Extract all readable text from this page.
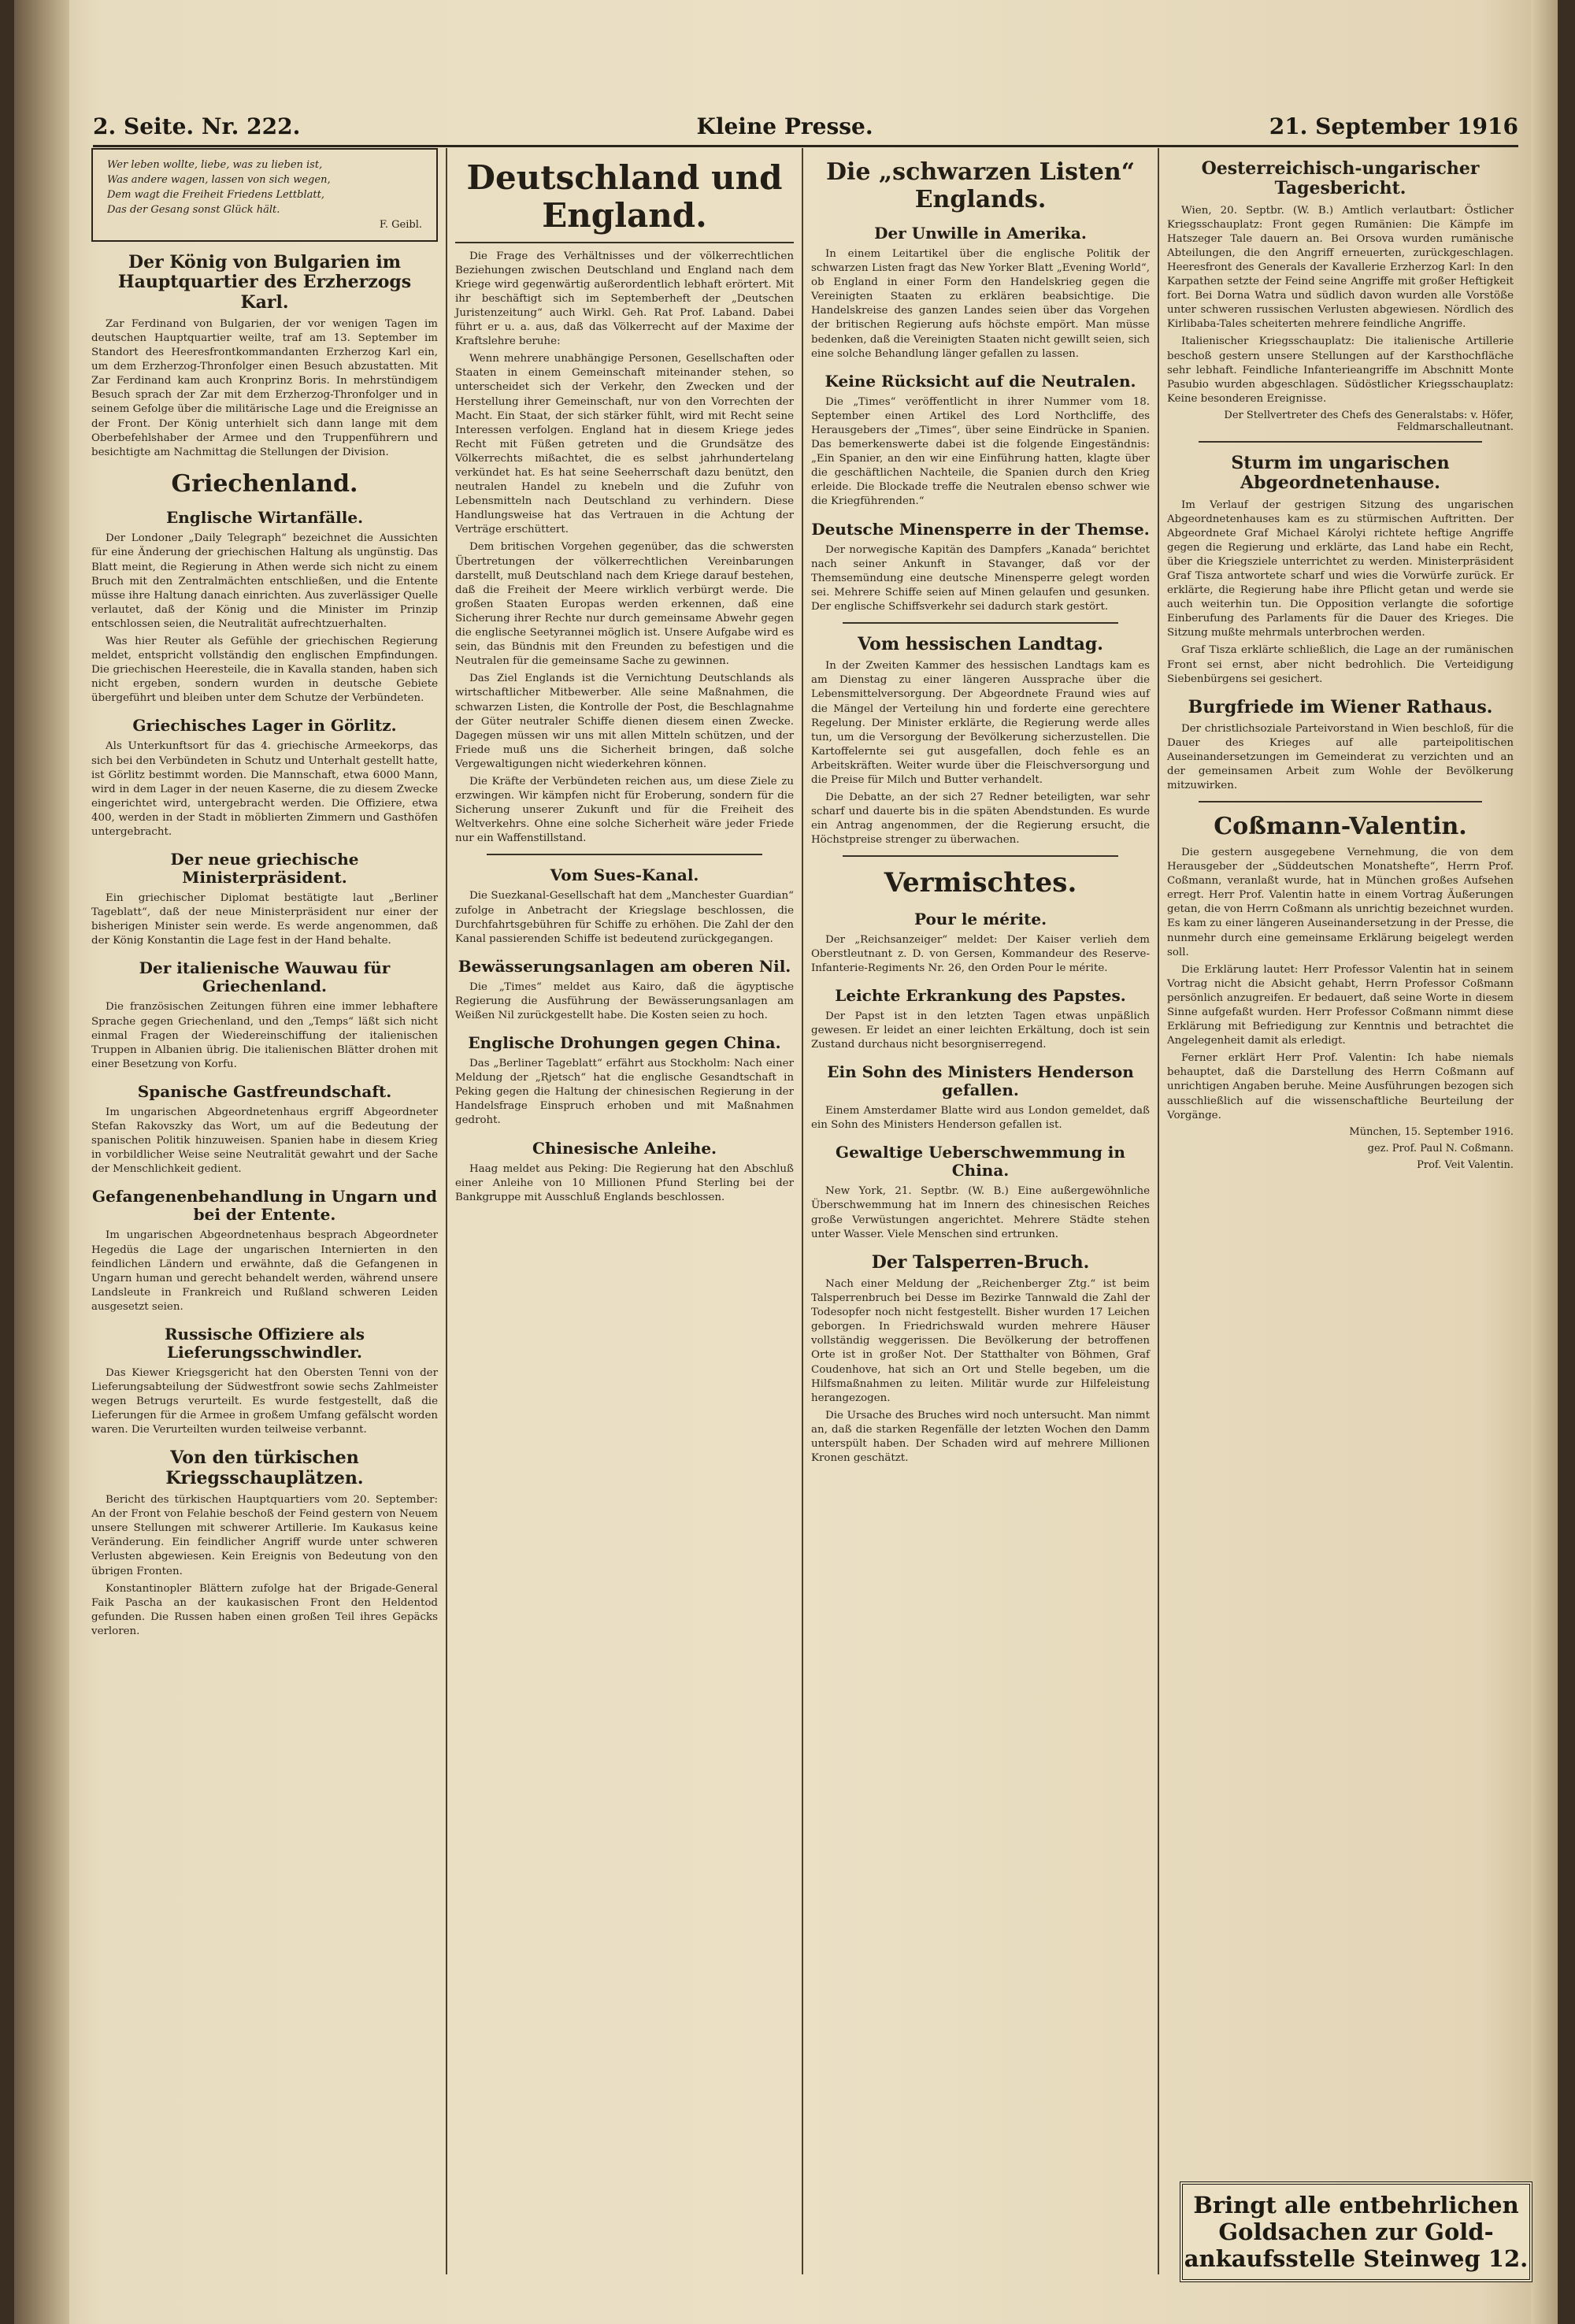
2. Seite. Nr. 222.	Kleine Presse.	21. September 1916
Wer leben wollte, liebe, was zu lieben ist,
Was andere wagen, lassen von sich wegen,
Dem wagt die Freiheit Friedens Lettblatt,
Das der Gesang sonst Glück hält.
F. Geibl.
Der König von Bulgarien im Hauptquartier des Erzherzogs Karl.

Zar Ferdinand von Bulgarien, der vor wenigen Tagen im deutschen Hauptquartier weilte, traf am 13. September im Standort des Heeresfrontkommandanten Erzherzog Karl ein, um dem Erzherzog-Thronfolger einen Besuch abzustatten. Mit Zar Ferdinand kam auch Kronprinz Boris. In mehrstündigem Besuch sprach der Zar mit dem Erzherzog-Thronfolger und in seinem Gefolge über die militärische Lage und die Ereignisse an der Front. Der König unterhielt sich dann lange mit dem Oberbefehlshaber der Armee und den Truppenführern und besichtigte am Nachmittag die Stellungen der Division.

Griechenland.
Englische Wirtanfälle.

Der Londoner „Daily Telegraph“ bezeichnet die Aussichten für eine Änderung der griechischen Haltung als ungünstig. Das Blatt meint, die Regierung in Athen werde sich nicht zu einem Bruch mit den Zentralmächten entschließen, und die Entente müsse ihre Haltung danach einrichten. Aus zuverlässiger Quelle verlautet, daß der König und die Minister im Prinzip entschlossen seien, die Neutralität aufrechtzuerhalten.

Was hier Reuter als Gefühle der griechischen Regierung meldet, entspricht vollständig den englischen Empfindungen. Die griechischen Heeresteile, die in Kavalla standen, haben sich nicht ergeben, sondern wurden in deutsche Gebiete übergeführt und bleiben unter dem Schutze der Verbündeten.

Griechisches Lager in Görlitz.

Als Unterkunftsort für das 4. griechische Armeekorps, das sich bei den Verbündeten in Schutz und Unterhalt gestellt hatte, ist Görlitz bestimmt worden. Die Mannschaft, etwa 6000 Mann, wird in dem Lager in der neuen Kaserne, die zu diesem Zwecke eingerichtet wird, untergebracht werden. Die Offiziere, etwa 400, werden in der Stadt in möblierten Zimmern und Gasthöfen untergebracht.

Der neue griechische Ministerpräsident.

Ein griechischer Diplomat bestätigte laut „Berliner Tageblatt“, daß der neue Ministerpräsident nur einer der bisherigen Minister sein werde. Es werde angenommen, daß der König Konstantin die Lage fest in der Hand behalte.

Der italienische Wauwau für Griechenland.

Die französischen Zeitungen führen eine immer lebhaftere Sprache gegen Griechenland, und den „Temps“ läßt sich nicht einmal Fragen der Wiedereinschiffung der italienischen Truppen in Albanien übrig. Die italienischen Blätter drohen mit einer Besetzung von Korfu.

Spanische Gastfreundschaft.

Im ungarischen Abgeordnetenhaus ergriff Abgeordneter Stefan Rakovszky das Wort, um auf die Bedeutung der spanischen Politik hinzuweisen. Spanien habe in diesem Krieg in vorbildlicher Weise seine Neutralität gewahrt und der Sache der Menschlichkeit gedient.

Gefangenenbehandlung in Ungarn und bei der Entente.

Im ungarischen Abgeordnetenhaus besprach Abgeordneter Hegedüs die Lage der ungarischen Internierten in den feindlichen Ländern und erwähnte, daß die Gefangenen in Ungarn human und gerecht behandelt werden, während unsere Landsleute in Frankreich und Rußland schweren Leiden ausgesetzt seien.

Russische Offiziere als Lieferungsschwindler.

Das Kiewer Kriegsgericht hat den Obersten Tenni von der Lieferungsabteilung der Südwestfront sowie sechs Zahlmeister wegen Betrugs verurteilt. Es wurde festgestellt, daß die Lieferungen für die Armee in großem Umfang gefälscht worden waren. Die Verurteilten wurden teilweise verbannt.

Von den türkischen Kriegsschauplätzen.

Bericht des türkischen Hauptquartiers vom 20. September: An der Front von Felahie beschoß der Feind gestern von Neuem unsere Stellungen mit schwerer Artillerie. Im Kaukasus keine Veränderung. Ein feindlicher Angriff wurde unter schweren Verlusten abgewiesen. Kein Ereignis von Bedeutung von den übrigen Fronten.

Konstantinopler Blättern zufolge hat der Brigade-General Faik Pascha an der kaukasischen Front den Heldentod gefunden. Die Russen haben einen großen Teil ihres Gepäcks verloren.

Deutschland und England.

Die Frage des Verhältnisses und der völkerrechtlichen Beziehungen zwischen Deutschland und England nach dem Kriege wird gegenwärtig außerordentlich lebhaft erörtert. Mit ihr beschäftigt sich im Septemberheft der „Deutschen Juristenzeitung“ auch Wirkl. Geh. Rat Prof. Laband. Dabei führt er u. a. aus, daß das Völkerrecht auf der Maxime der Kraftslehre beruhe:

Wenn mehrere unabhängige Personen, Gesellschaften oder Staaten in einem Gemeinschaft miteinander stehen, so unterscheidet sich der Verkehr, den Zwecken und der Herstellung ihrer Gemeinschaft, nur von den Vorrechten der Macht. Ein Staat, der sich stärker fühlt, wird mit Recht seine Interessen verfolgen. England hat in diesem Kriege jedes Recht mit Füßen getreten und die Grundsätze des Völkerrechts mißachtet, die es selbst jahrhundertelang verkündet hat. Es hat seine Seeherrschaft dazu benützt, den neutralen Handel zu knebeln und die Zufuhr von Lebensmitteln nach Deutschland zu verhindern. Diese Handlungsweise hat das Vertrauen in die Achtung der Verträge erschüttert.

Dem britischen Vorgehen gegenüber, das die schwersten Übertretungen der völkerrechtlichen Vereinbarungen darstellt, muß Deutschland nach dem Kriege darauf bestehen, daß die Freiheit der Meere wirklich verbürgt werde. Die großen Staaten Europas werden erkennen, daß eine Sicherung ihrer Rechte nur durch gemeinsame Abwehr gegen die englische Seetyrannei möglich ist. Unsere Aufgabe wird es sein, das Bündnis mit den Freunden zu befestigen und die Neutralen für die gemeinsame Sache zu gewinnen.

Das Ziel Englands ist die Vernichtung Deutschlands als wirtschaftlicher Mitbewerber. Alle seine Maßnahmen, die schwarzen Listen, die Kontrolle der Post, die Beschlagnahme der Güter neutraler Schiffe dienen diesem einen Zwecke. Dagegen müssen wir uns mit allen Mitteln schützen, und der Friede muß uns die Sicherheit bringen, daß solche Vergewaltigungen nicht wiederkehren können.

Die Kräfte der Verbündeten reichen aus, um diese Ziele zu erzwingen. Wir kämpfen nicht für Eroberung, sondern für die Sicherung unserer Zukunft und für die Freiheit des Weltverkehrs. Ohne eine solche Sicherheit wäre jeder Friede nur ein Waffenstillstand.

Vom Sues-Kanal.

Die Suezkanal-Gesellschaft hat dem „Manchester Guardian“ zufolge in Anbetracht der Kriegslage beschlossen, die Durchfahrtsgebühren für Schiffe zu erhöhen. Die Zahl der den Kanal passierenden Schiffe ist bedeutend zurückgegangen.

Bewässerungsanlagen am oberen Nil.

Die „Times“ meldet aus Kairo, daß die ägyptische Regierung die Ausführung der Bewässerungsanlagen am Weißen Nil zurückgestellt habe. Die Kosten seien zu hoch.

Englische Drohungen gegen China.

Das „Berliner Tageblatt“ erfährt aus Stockholm: Nach einer Meldung der „Rjetsch“ hat die englische Gesandtschaft in Peking gegen die Haltung der chinesischen Regierung in der Handelsfrage Einspruch erhoben und mit Maßnahmen gedroht.

Chinesische Anleihe.

Haag meldet aus Peking: Die Regierung hat den Abschluß einer Anleihe von 10 Millionen Pfund Sterling bei der Bankgruppe mit Ausschluß Englands beschlossen.

Die „schwarzen Listen“ Englands.
Der Unwille in Amerika.

In einem Leitartikel über die englische Politik der schwarzen Listen fragt das New Yorker Blatt „Evening World“, ob England in einer Form den Handelskrieg gegen die Vereinigten Staaten zu erklären beabsichtige. Die Handelskreise des ganzen Landes seien über das Vorgehen der britischen Regierung aufs höchste empört. Man müsse bedenken, daß die Vereinigten Staaten nicht gewillt seien, sich eine solche Behandlung länger gefallen zu lassen.

Keine Rücksicht auf die Neutralen.

Die „Times“ veröffentlicht in ihrer Nummer vom 18. September einen Artikel des Lord Northcliffe, des Herausgebers der „Times“, über seine Eindrücke in Spanien. Das bemerkenswerte dabei ist die folgende Eingeständnis: „Ein Spanier, an den wir eine Einführung hatten, klagte über die geschäftlichen Nachteile, die Spanien durch den Krieg erleide. Die Blockade treffe die Neutralen ebenso schwer wie die Kriegführenden.“

Deutsche Minensperre in der Themse.

Der norwegische Kapitän des Dampfers „Kanada“ berichtet nach seiner Ankunft in Stavanger, daß vor der Themsemündung eine deutsche Minensperre gelegt worden sei. Mehrere Schiffe seien auf Minen gelaufen und gesunken. Der englische Schiffsverkehr sei dadurch stark gestört.

Vom hessischen Landtag.

In der Zweiten Kammer des hessischen Landtags kam es am Dienstag zu einer längeren Aussprache über die Lebensmittelversorgung. Der Abgeordnete Fraund wies auf die Mängel der Verteilung hin und forderte eine gerechtere Regelung. Der Minister erklärte, die Regierung werde alles tun, um die Versorgung der Bevölkerung sicherzustellen. Die Kartoffelernte sei gut ausgefallen, doch fehle es an Arbeitskräften. Weiter wurde über die Fleischversorgung und die Preise für Milch und Butter verhandelt.

Die Debatte, an der sich 27 Redner beteiligten, war sehr scharf und dauerte bis in die späten Abendstunden. Es wurde ein Antrag angenommen, der die Regierung ersucht, die Höchstpreise strenger zu überwachen.

Vermischtes.
Pour le mérite.

Der „Reichsanzeiger“ meldet: Der Kaiser verlieh dem Oberstleutnant z. D. von Gersen, Kommandeur des Reserve-Infanterie-Regiments Nr. 26, den Orden Pour le mérite.

Leichte Erkrankung des Papstes.

Der Papst ist in den letzten Tagen etwas unpäßlich gewesen. Er leidet an einer leichten Erkältung, doch ist sein Zustand durchaus nicht besorgniserregend.

Ein Sohn des Ministers Henderson gefallen.

Einem Amsterdamer Blatte wird aus London gemeldet, daß ein Sohn des Ministers Henderson gefallen ist.

Gewaltige Ueberschwemmung in China.

New York, 21. Septbr. (W. B.) Eine außergewöhnliche Überschwemmung hat im Innern des chinesischen Reiches große Verwüstungen angerichtet. Mehrere Städte stehen unter Wasser. Viele Menschen sind ertrunken.

Der Talsperren-Bruch.

Nach einer Meldung der „Reichenberger Ztg.“ ist beim Talsperrenbruch bei Desse im Bezirke Tannwald die Zahl der Todesopfer noch nicht festgestellt. Bisher wurden 17 Leichen geborgen. In Friedrichswald wurden mehrere Häuser vollständig weggerissen. Die Bevölkerung der betroffenen Orte ist in großer Not. Der Statthalter von Böhmen, Graf Coudenhove, hat sich an Ort und Stelle begeben, um die Hilfsmaßnahmen zu leiten. Militär wurde zur Hilfeleistung herangezogen.

Die Ursache des Bruches wird noch untersucht. Man nimmt an, daß die starken Regenfälle der letzten Wochen den Damm unterspült haben. Der Schaden wird auf mehrere Millionen Kronen geschätzt.

Oesterreichisch-ungarischer Tagesbericht.

Wien, 20. Septbr. (W. B.) Amtlich verlautbart: Östlicher Kriegsschauplatz: Front gegen Rumänien: Die Kämpfe im Hatszeger Tale dauern an. Bei Orsova wurden rumänische Abteilungen, die den Angriff erneuerten, zurückgeschlagen. Heeresfront des Generals der Kavallerie Erzherzog Karl: In den Karpathen setzte der Feind seine Angriffe mit großer Heftigkeit fort. Bei Dorna Watra und südlich davon wurden alle Vorstöße unter schweren russischen Verlusten abgewiesen. Nördlich des Kirlibaba-Tales scheiterten mehrere feindliche Angriffe.

Italienischer Kriegsschauplatz: Die italienische Artillerie beschoß gestern unsere Stellungen auf der Karsthochfläche sehr lebhaft. Feindliche Infanterieangriffe im Abschnitt Monte Pasubio wurden abgeschlagen. Südöstlicher Kriegsschauplatz: Keine besonderen Ereignisse.

Der Stellvertreter des Chefs des Generalstabs: v. Höfer, Feldmarschalleutnant.
Sturm im ungarischen Abgeordnetenhause.

Im Verlauf der gestrigen Sitzung des ungarischen Abgeordnetenhauses kam es zu stürmischen Auftritten. Der Abgeordnete Graf Michael Károlyi richtete heftige Angriffe gegen die Regierung und erklärte, das Land habe ein Recht, über die Kriegsziele unterrichtet zu werden. Ministerpräsident Graf Tisza antwortete scharf und wies die Vorwürfe zurück. Er erklärte, die Regierung habe ihre Pflicht getan und werde sie auch weiterhin tun. Die Opposition verlangte die sofortige Einberufung des Parlaments für die Dauer des Krieges. Die Sitzung mußte mehrmals unterbrochen werden.

Graf Tisza erklärte schließlich, die Lage an der rumänischen Front sei ernst, aber nicht bedrohlich. Die Verteidigung Siebenbürgens sei gesichert.

Burgfriede im Wiener Rathaus.

Der christlichsoziale Parteivorstand in Wien beschloß, für die Dauer des Krieges auf alle parteipolitischen Auseinandersetzungen im Gemeinderat zu verzichten und an der gemeinsamen Arbeit zum Wohle der Bevölkerung mitzuwirken.

Coßmann-Valentin.

Die gestern ausgegebene Vernehmung, die von dem Herausgeber der „Süddeutschen Monatshefte“, Herrn Prof. Coßmann, veranlaßt wurde, hat in München großes Aufsehen erregt. Herr Prof. Valentin hatte in einem Vortrag Äußerungen getan, die von Herrn Coßmann als unrichtig bezeichnet wurden. Es kam zu einer längeren Auseinandersetzung in der Presse, die nunmehr durch eine gemeinsame Erklärung beigelegt werden soll.

Die Erklärung lautet: Herr Professor Valentin hat in seinem Vortrag nicht die Absicht gehabt, Herrn Professor Coßmann persönlich anzugreifen. Er bedauert, daß seine Worte in diesem Sinne aufgefaßt wurden. Herr Professor Coßmann nimmt diese Erklärung mit Befriedigung zur Kenntnis und betrachtet die Angelegenheit damit als erledigt.

Ferner erklärt Herr Prof. Valentin: Ich habe niemals behauptet, daß die Darstellung des Herrn Coßmann auf unrichtigen Angaben beruhe. Meine Ausführungen bezogen sich ausschließlich auf die wissenschaftliche Beurteilung der Vorgänge.

München, 15. September 1916.
gez. Prof. Paul N. Coßmann.
Prof. Veit Valentin.
Bringt alle entbehrlichen
Goldsachen zur Gold-
ankaufsstelle Steinweg 12.
